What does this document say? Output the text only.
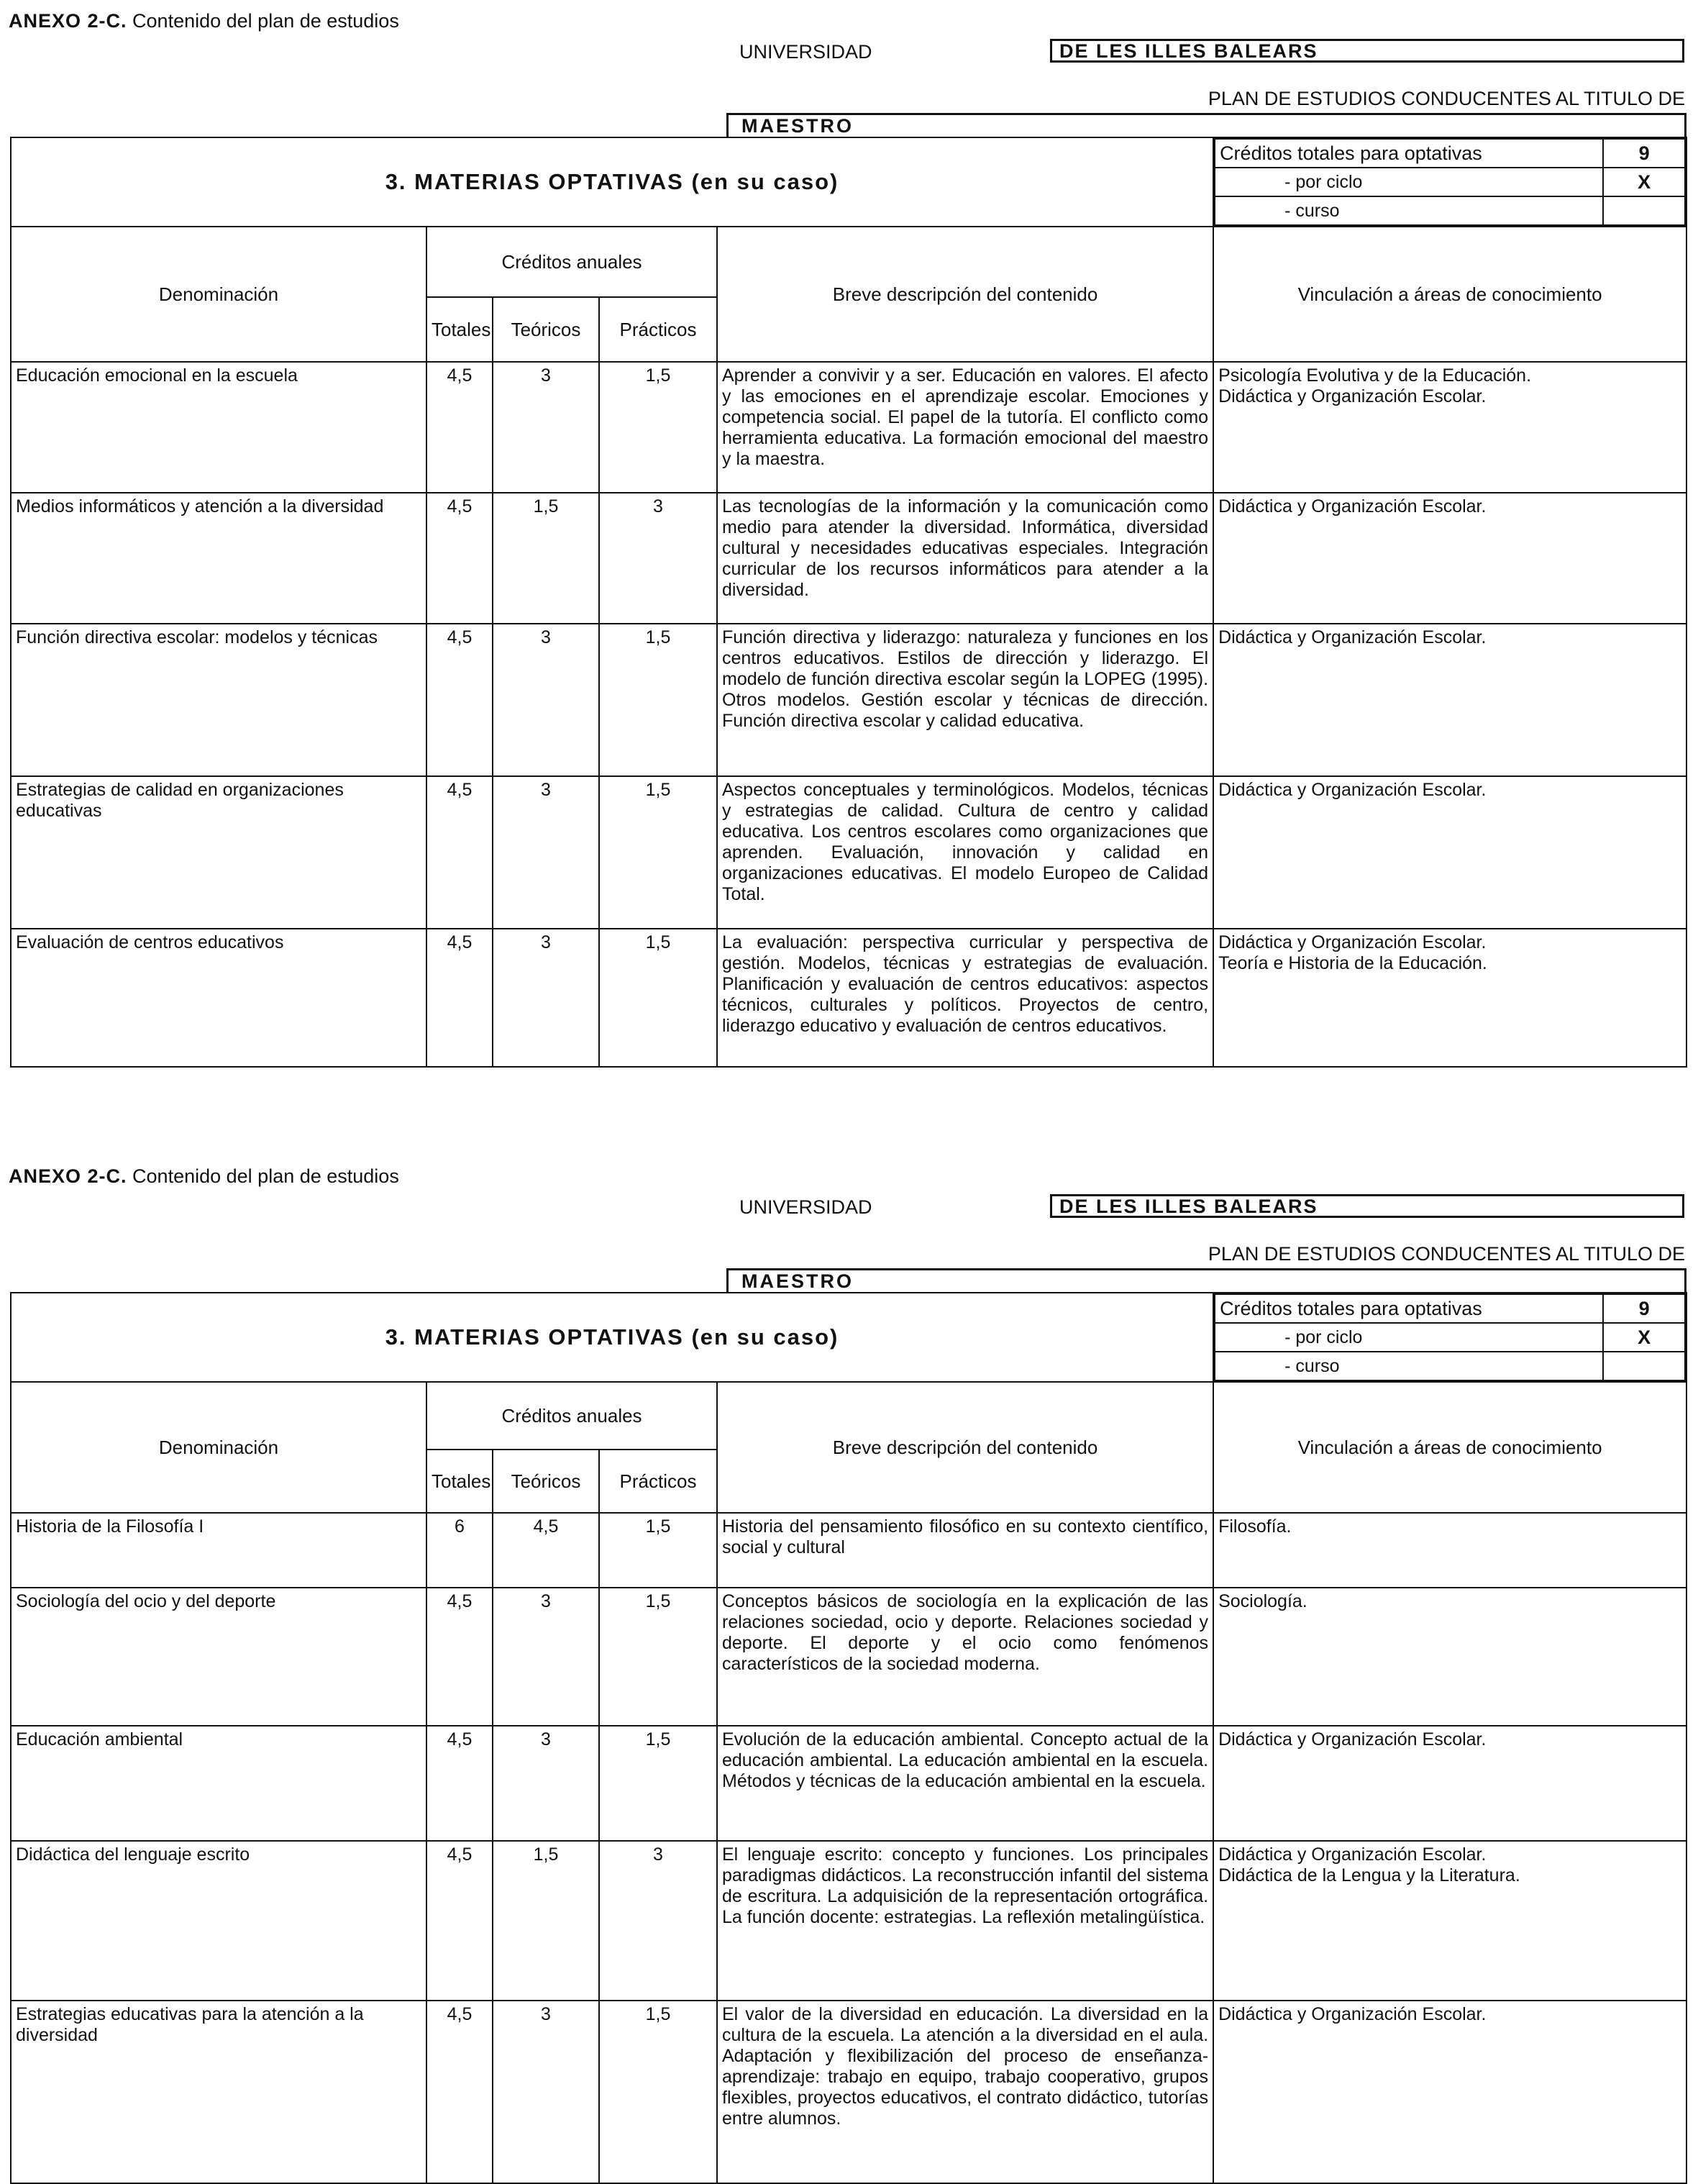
ANEXO 2-C. Contenido del plan de estudios
UNIVERSIDAD	DE LES ILLES BALEARS
PLAN DE ESTUDIOS CONDUCENTES AL TITULO DE
MAESTRO
3. MATERIAS OPTATIVAS (en su caso)	
Créditos totales para optativas	9
- por ciclo	X
- curso	

Denominación	Créditos anuales	Breve descripción del contenido	Vinculación a áreas de conocimiento
Totales	Teóricos	Prácticos
Educación emocional en la escuela	4,5	3	1,5	Aprender a convivir y a ser. Educación en valores. El afecto y las emociones en el aprendizaje escolar. Emociones y competencia social. El papel de la tutoría. El conflicto como herramienta educativa. La formación emocional del maestro y la maestra.	Psicología Evolutiva y de la Educación.
Didáctica y Organización Escolar.
Medios informáticos y atención a la diversidad	4,5	1,5	3	Las tecnologías de la información y la comunicación como medio para atender la diversidad. Informática, diversidad cultural y necesidades educativas especiales. Integración curricular de los recursos informáticos para atender a la diversidad.	Didáctica y Organización Escolar.
Función directiva escolar: modelos y técnicas	4,5	3	1,5	Función directiva y liderazgo: naturaleza y funciones en los centros educativos. Estilos de dirección y liderazgo. El modelo de función directiva escolar según la LOPEG (1995). Otros modelos. Gestión escolar y técnicas de dirección. Función directiva escolar y calidad educativa.	Didáctica y Organización Escolar.
Estrategias de calidad en organizaciones educativas	4,5	3	1,5	Aspectos conceptuales y terminológicos. Modelos, técnicas y estrategias de calidad. Cultura de centro y calidad educativa. Los centros escolares como organizaciones que aprenden. Evaluación, innovación y calidad en organizaciones educativas. El modelo Europeo de Calidad Total.	Didáctica y Organización Escolar.
Evaluación de centros educativos	4,5	3	1,5	La evaluación: perspectiva curricular y perspectiva de gestión. Modelos, técnicas y estrategias de evaluación. Planificación y evaluación de centros educativos: aspectos técnicos, culturales y políticos. Proyectos de centro, liderazgo educativo y evaluación de centros educativos.	Didáctica y Organización Escolar.
Teoría e Historia de la Educación.
ANEXO 2-C. Contenido del plan de estudios
UNIVERSIDAD	DE LES ILLES BALEARS
PLAN DE ESTUDIOS CONDUCENTES AL TITULO DE
MAESTRO
3. MATERIAS OPTATIVAS (en su caso)	
Créditos totales para optativas	9
- por ciclo	X
- curso	

Denominación	Créditos anuales	Breve descripción del contenido	Vinculación a áreas de conocimiento
Totales	Teóricos	Prácticos
Historia de la Filosofía I	6	4,5	1,5	Historia del pensamiento filosófico en su contexto científico, social y cultural	Filosofía.
Sociología del ocio y del deporte	4,5	3	1,5	Conceptos básicos de sociología en la explicación de las relaciones sociedad, ocio y deporte. Relaciones sociedad y deporte. El deporte y el ocio como fenómenos característicos de la sociedad moderna.	Sociología.
Educación ambiental	4,5	3	1,5	Evolución de la educación ambiental. Concepto actual de la educación ambiental. La educación ambiental en la escuela. Métodos y técnicas de la educación ambiental en la escuela.	Didáctica y Organización Escolar.
Didáctica del lenguaje escrito	4,5	1,5	3	El lenguaje escrito: concepto y funciones. Los principales paradigmas didácticos. La reconstrucción infantil del sistema de escritura. La adquisición de la representación ortográfica. La función docente: estrategias. La reflexión metalingüística.	Didáctica y Organización Escolar.
Didáctica de la Lengua y la Literatura.
Estrategias educativas para la atención a la diversidad	4,5	3	1,5	El valor de la diversidad en educación. La diversidad en la cultura de la escuela. La atención a la diversidad en el aula. Adaptación y flexibilización del proceso de enseñanza-aprendizaje: trabajo en equipo, trabajo cooperativo, grupos flexibles, proyectos educativos, el contrato didáctico, tutorías entre alumnos.	Didáctica y Organización Escolar.
